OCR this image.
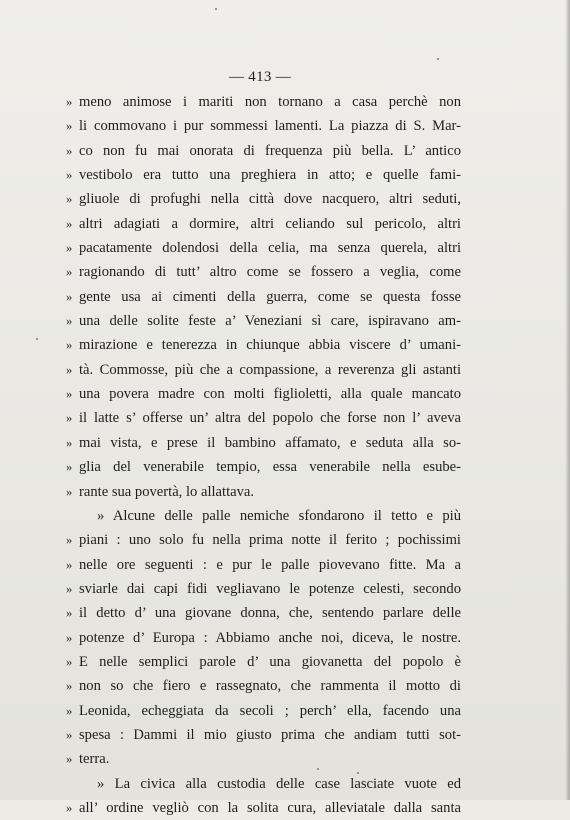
— 413 —
» meno animose i mariti non tornano a casa perchè non
» li commovano i pur sommessi lamenti. La piazza di S. Mar-
» co non fu mai onorata di frequenza più bella. L’ antico
» vestibolo era tutto una preghiera in atto; e quelle fami-
» gliuole di profughi nella città dove nacquero, altri seduti,
» altri adagiati a dormire, altri celiando sul pericolo, altri
» pacatamente dolendosi della celia, ma senza querela, altri
» ragionando di tutt’ altro come se fossero a veglia, come
» gente usa ai cimenti della guerra, come se questa fosse
» una delle solite feste a’ Veneziani sì care, ispiravano am-
» mirazione e tenerezza in chiunque abbia viscere d’ umani-
» tà. Commosse, più che a compassione, a reverenza gli astanti
» una povera madre con molti figlioletti, alla quale mancato
» il latte s’ offerse un’ altra del popolo che forse non l’ aveva
» mai vista, e prese il bambino affamato, e seduta alla so-
» glia del venerabile tempio, essa venerabile nella esube-
» rante sua povertà, lo allattava.
» Alcune delle palle nemiche sfondarono il tetto e più
» piani : uno solo fu nella prima notte il ferito ; pochissimi
» nelle ore seguenti : e pur le palle piovevano fitte. Ma a
» sviarle dai capi fidi vegliavano le potenze celesti, secondo
» il detto d’ una giovane donna, che, sentendo parlare delle
» potenze d’ Europa : Abbiamo anche noi, diceva, le nostre.
» E nelle semplici parole d’ una giovanetta del popolo è
» non so che fiero e rassegnato, che rammenta il motto di
» Leonida, echeggiata da secoli ; perch’ ella, facendo una
» spesa : Dammi il mio giusto prima che andiam tutti sot-
» terra.
» La civica alla custodia delle case lasciate vuote ed
» all’ ordine vegliò con la solita cura, alleviatale dalla santa
